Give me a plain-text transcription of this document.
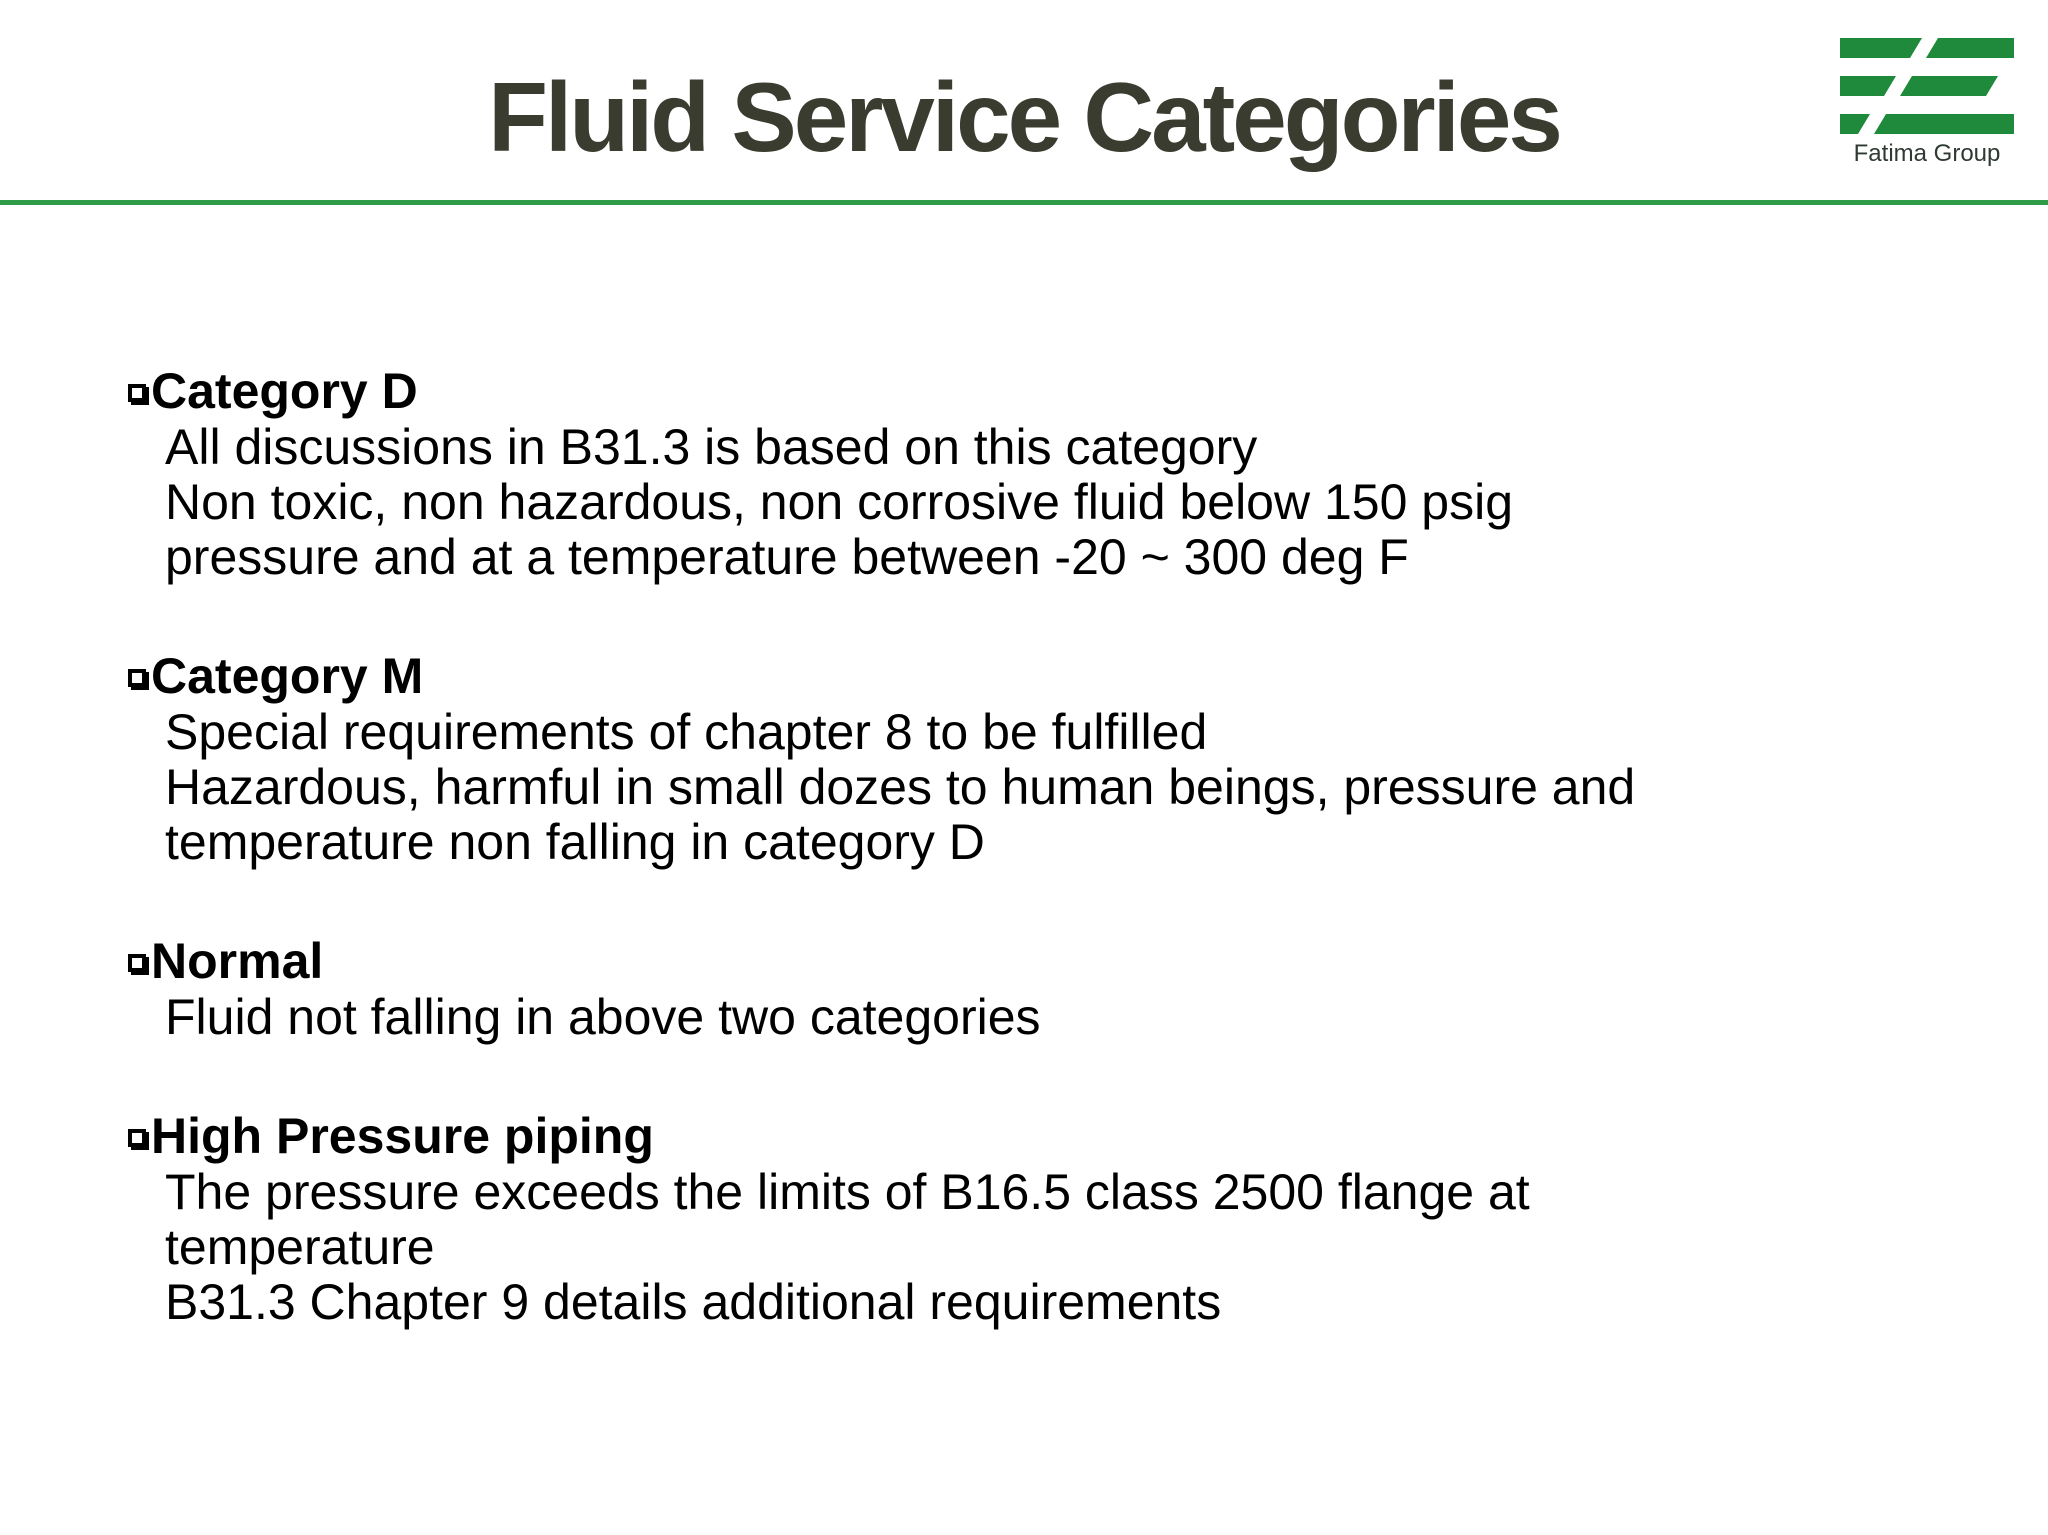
Fluid Service Categories	Fatima Group
Category D
All discussions in B31.3 is based on this category
Non toxic, non hazardous, non corrosive fluid below 150 psig
pressure and at a temperature between -20 ~ 300 deg F
Category M
Special requirements of chapter 8 to be fulfilled
Hazardous, harmful in small dozes to human beings, pressure and
temperature non falling in category D
Normal
Fluid not falling in above two categories
High Pressure piping
The pressure exceeds the limits of B16.5 class 2500 flange at
temperature
B31.3 Chapter 9 details additional requirements
